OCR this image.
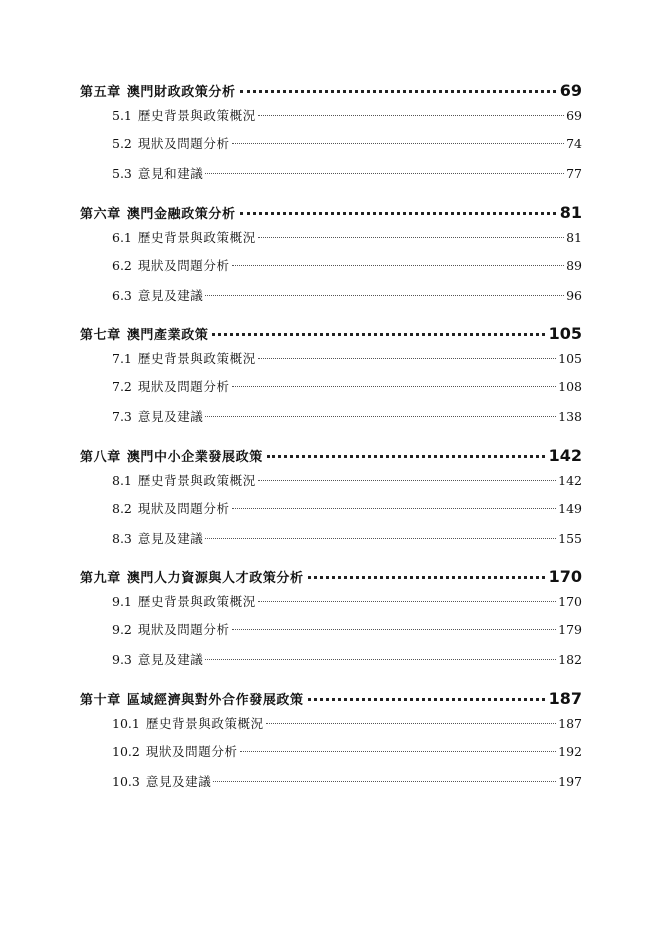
第五章 澳門財政政策分析	69
5.1 歷史背景與政策概況	69
5.2 現狀及問題分析	74
5.3 意見和建議	77
第六章 澳門金融政策分析	81
6.1 歷史背景與政策概況	81
6.2 現狀及問題分析	89
6.3 意見及建議	96
第七章 澳門產業政策	105
7.1 歷史背景與政策概況	105
7.2 現狀及問題分析	108
7.3 意見及建議	138
第八章 澳門中小企業發展政策	142
8.1 歷史背景與政策概況	142
8.2 現狀及問題分析	149
8.3 意見及建議	155
第九章 澳門人力資源與人才政策分析	170
9.1 歷史背景與政策概況	170
9.2 現狀及問題分析	179
9.3 意見及建議	182
第十章 區域經濟與對外合作發展政策	187
10.1 歷史背景與政策概況	187
10.2 現狀及問題分析	192
10.3 意見及建議	197
